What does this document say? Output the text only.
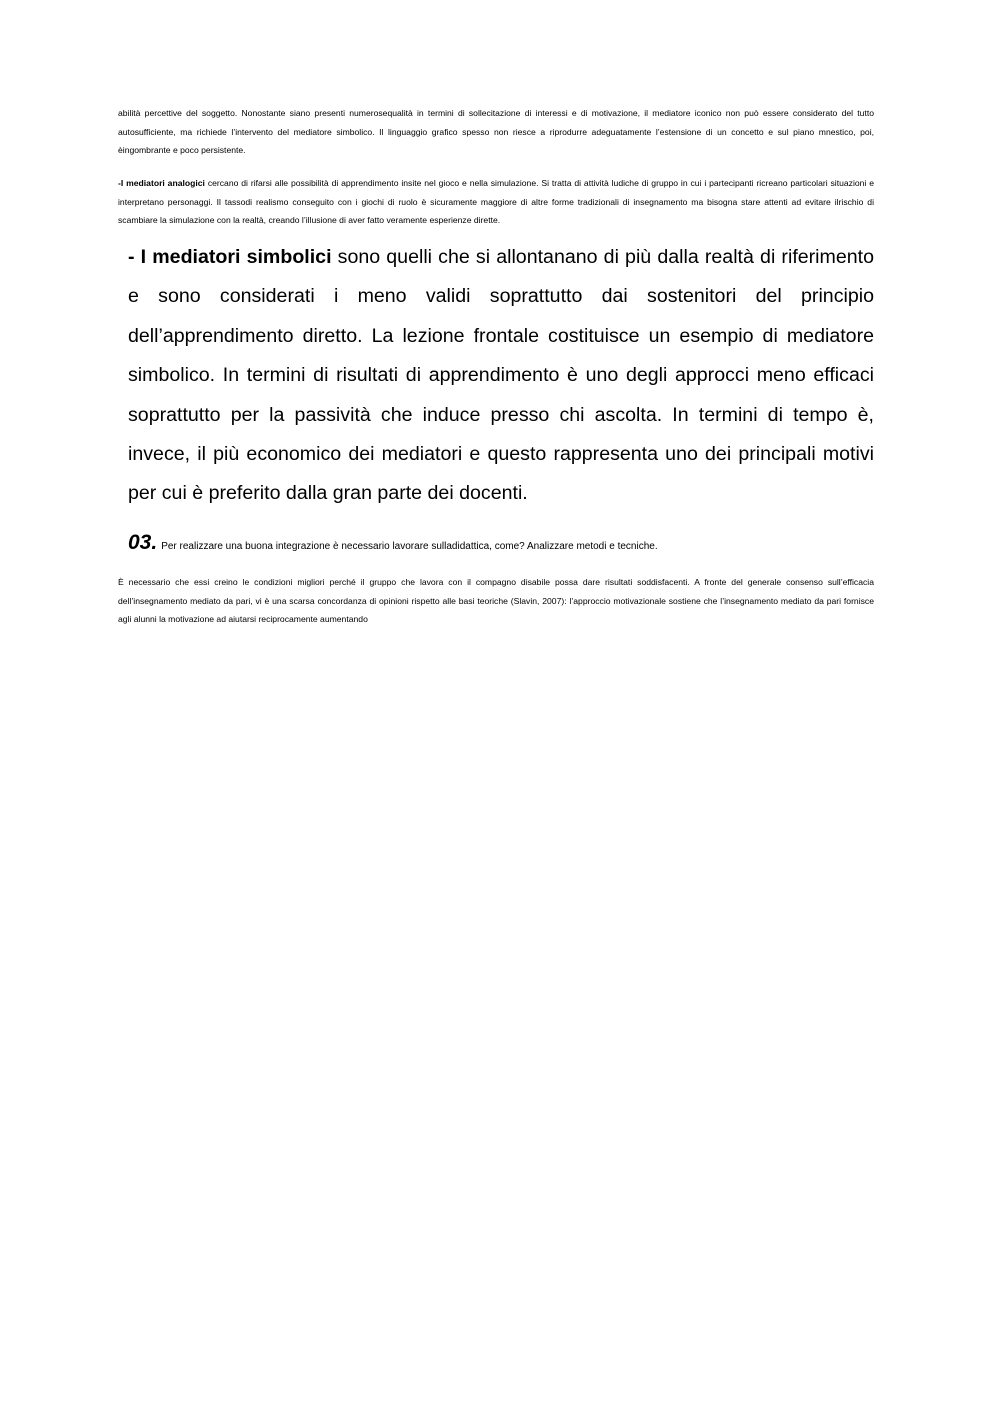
abilità percettive del soggetto. Nonostante siano presenti numerosequalità in termini di sollecitazione di interessi e di motivazione, il mediatore iconico non può essere considerato del tutto autosufficiente, ma richiede l’intervento del mediatore simbolico. Il linguaggio grafico spesso non riesce a riprodurre adeguatamente l’estensione di un concetto e sul piano mnestico, poi, èingombrante e poco persistente.

-I mediatori analogici cercano di rifarsi alle possibilità di apprendimento insite nel gioco e nella simulazione. Si tratta di attività ludiche di gruppo in cui i partecipanti ricreano particolari situazioni e interpretano personaggi. Il tassodi realismo conseguito con i giochi di ruolo è sicuramente maggiore di altre forme tradizionali di insegnamento ma bisogna stare attenti ad evitare ilrischio di scambiare la simulazione con la realtà, creando l’illusione di aver fatto veramente esperienze dirette.

- I mediatori simbolici sono quelli che si allontanano di più dalla realtà di riferimento e sono considerati i meno validi soprattutto dai sostenitori del principio dell’apprendimento diretto. La lezione frontale costituisce un esempio di mediatore simbolico. In termini di risultati di apprendimento è uno degli approcci meno efficaci soprattutto per la passività che induce presso chi ascolta. In termini di tempo è, invece, il più economico dei mediatori e questo rappresenta uno dei principali motivi per cui è preferito dalla gran parte dei docenti.

03. Per realizzare una buona integrazione è necessario lavorare sulladidattica, come? Analizzare metodi e tecniche.

È necessario che essi creino le condizioni migliori perché il gruppo che lavora con il compagno disabile possa dare risultati soddisfacenti. A fronte del generale consenso sull’efficacia dell’insegnamento mediato da pari, vi è una scarsa concordanza di opinioni rispetto alle basi teoriche (Slavin, 2007): l’approccio motivazionale sostiene che l’insegnamento mediato da pari fornisce agli alunni la motivazione ad aiutarsi reciprocamente aumentando
